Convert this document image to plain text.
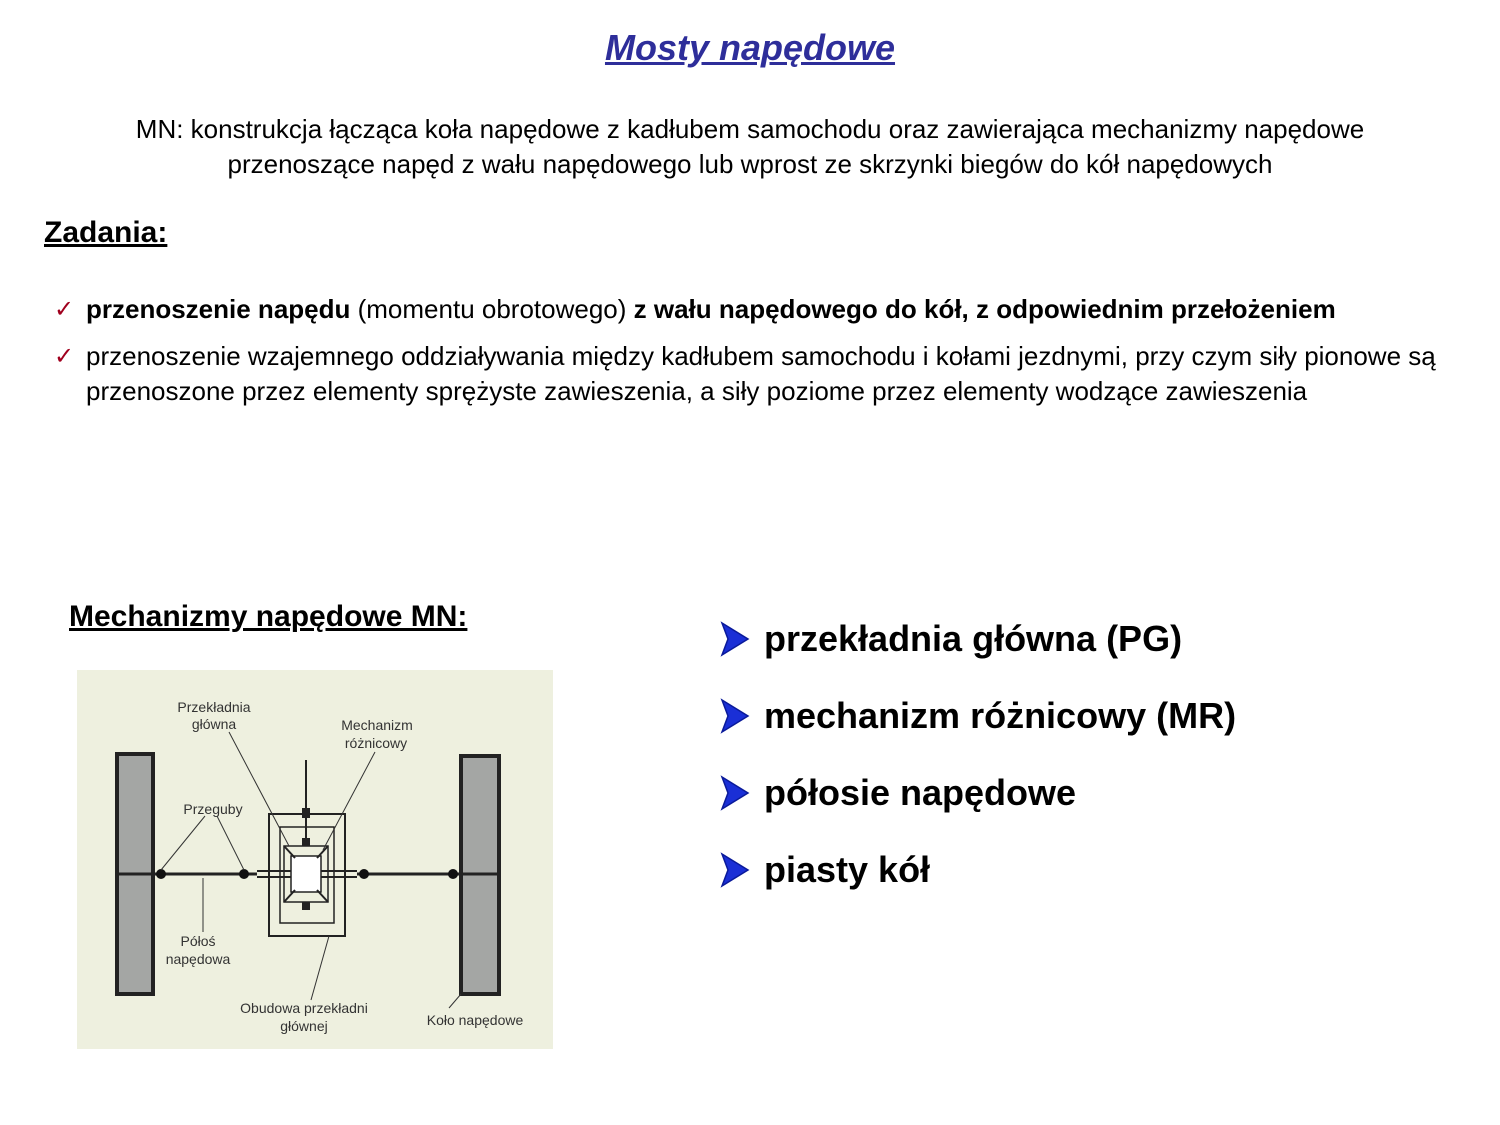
Mosty napędowe
MN: konstrukcja łącząca koła napędowe z kadłubem samochodu oraz zawierająca mechanizmy napędowe
przenoszące napęd z wału napędowego lub wprost ze skrzynki biegów do kół napędowych
Zadania:
✓ przenoszenie napędu (momentu obrotowego) z wału napędowego do kół, z odpowiednim przełożeniem
✓ przenoszenie wzajemnego oddziaływania między kadłubem samochodu i kołami jezdnymi, przy czym siły pionowe są przenoszone przez elementy sprężyste zawieszenia, a siły poziome przez elementy wodzące zawieszenia
Mechanizmy napędowe MN:
Przekładnia
główna	Mechanizm
różnicowy
Przeguby
Półoś
napędowa
Obudowa przekładni
głównej	Koło napędowe
przekładnia główna (PG)
mechanizm różnicowy (MR)
półosie napędowe
piasty kół
